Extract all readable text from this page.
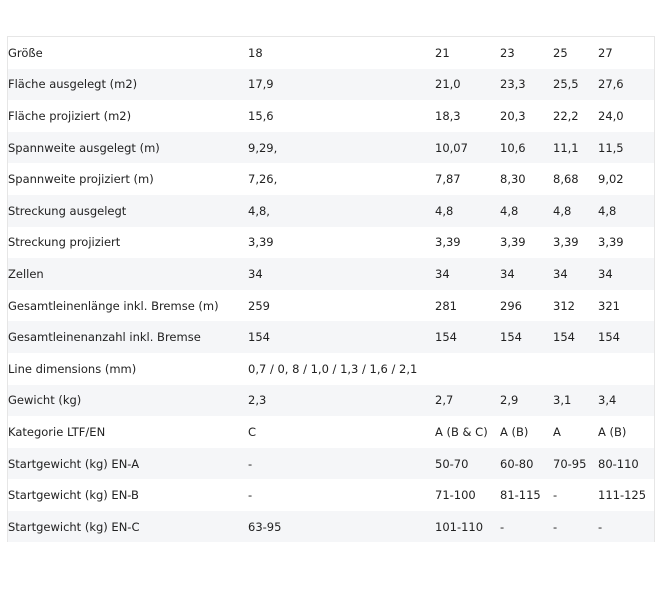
Größe	18	21	23	25	27
Fläche ausgelegt (m2)	17,9	21,0	23,3	25,5	27,6
Fläche projiziert (m2)	15,6	18,3	20,3	22,2	24,0
Spannweite ausgelegt (m)	9,29,	10,07	10,6	11,1	11,5
Spannweite projiziert (m)	7,26,	7,87	8,30	8,68	9,02
Streckung ausgelegt	4,8,	4,8	4,8	4,8	4,8
Streckung projiziert	3,39	3,39	3,39	3,39	3,39
Zellen	34	34	34	34	34
Gesamtleinenlänge inkl. Bremse (m)	259	281	296	312	321
Gesamtleinenanzahl inkl. Bremse	154	154	154	154	154
Line dimensions (mm)	0,7 / 0, 8 / 1,0 / 1,3 / 1,6 / 2,1				
Gewicht (kg)	2,3	2,7	2,9	3,1	3,4
Kategorie LTF/EN	C	A (B & C)	A (B)	A	A (B)
Startgewicht (kg) EN-A	-	50-70	60-80	70-95	80-110
Startgewicht (kg) EN-B	-	71-100	81-115	-	111-125
Startgewicht (kg) EN-C	63-95	101-110	-	-	-
